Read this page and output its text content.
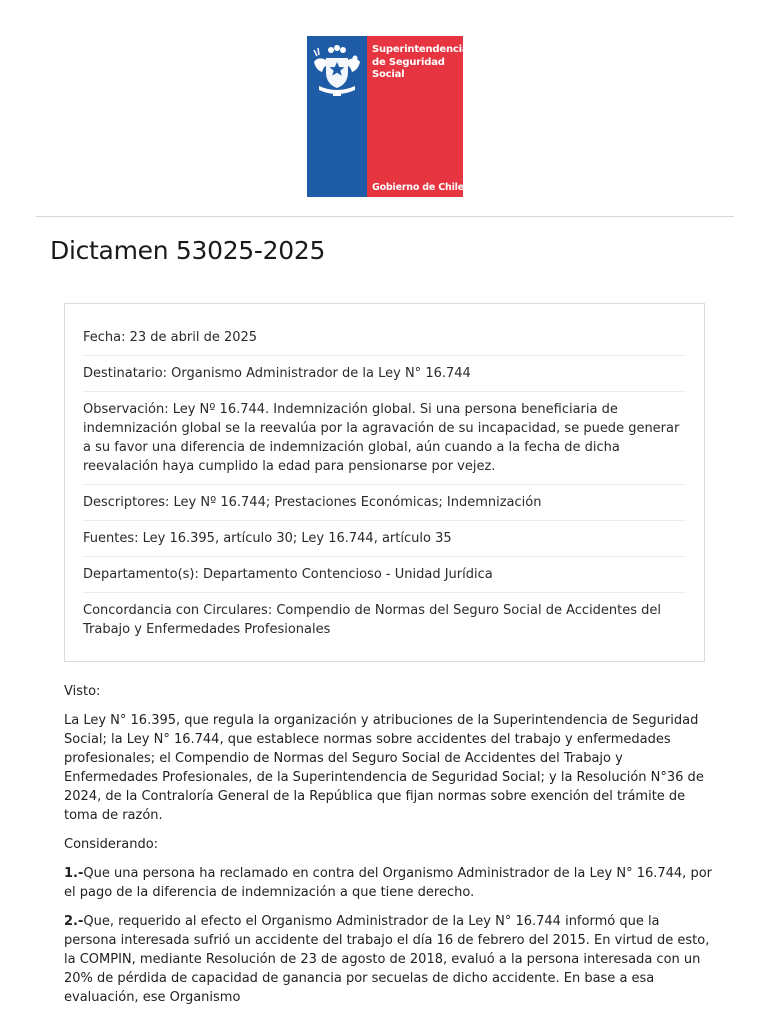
Superintendencia
de Seguridad
Social
Gobierno de Chile
Dictamen 53025-2025
Fecha: 23 de abril de 2025
Destinatario: Organismo Administrador de la Ley N° 16.744
Observación: Ley Nº 16.744. Indemnización global. Si una persona beneficiaria de indemnización global se la reevalúa por la agravación de su incapacidad, se puede generar a su favor una diferencia de indemnización global, aún cuando a la fecha de dicha reevalación haya cumplido la edad para pensionarse por vejez.
Descriptores: Ley Nº 16.744; Prestaciones Económicas; Indemnización
Fuentes: Ley 16.395, artículo 30; Ley 16.744, artículo 35
Departamento(s): Departamento Contencioso - Unidad Jurídica
Concordancia con Circulares: Compendio de Normas del Seguro Social de Accidentes del Trabajo y Enfermedades Profesionales

Visto:

La Ley N° 16.395, que regula la organización y atribuciones de la Superintendencia de Seguridad Social; la Ley N° 16.744, que establece normas sobre accidentes del trabajo y enfermedades profesionales; el Compendio de Normas del Seguro Social de Accidentes del Trabajo y Enfermedades Profesionales, de la Superintendencia de Seguridad Social; y la Resolución N°36 de 2024, de la Contraloría General de la República que fijan normas sobre exención del trámite de toma de razón.

Considerando:

1.-Que una persona ha reclamado en contra del Organismo Administrador de la Ley N° 16.744, por el pago de la diferencia de indemnización a que tiene derecho.

2.-Que, requerido al efecto el Organismo Administrador de la Ley N° 16.744 informó que la persona interesada sufrió un accidente del trabajo el día 16 de febrero del 2015. En virtud de esto, la COMPIN, mediante Resolución de 23 de agosto de 2018, evaluó a la persona interesada con un 20% de pérdida de capacidad de ganancia por secuelas de dicho accidente. En base a esa evaluación, ese Organismo
